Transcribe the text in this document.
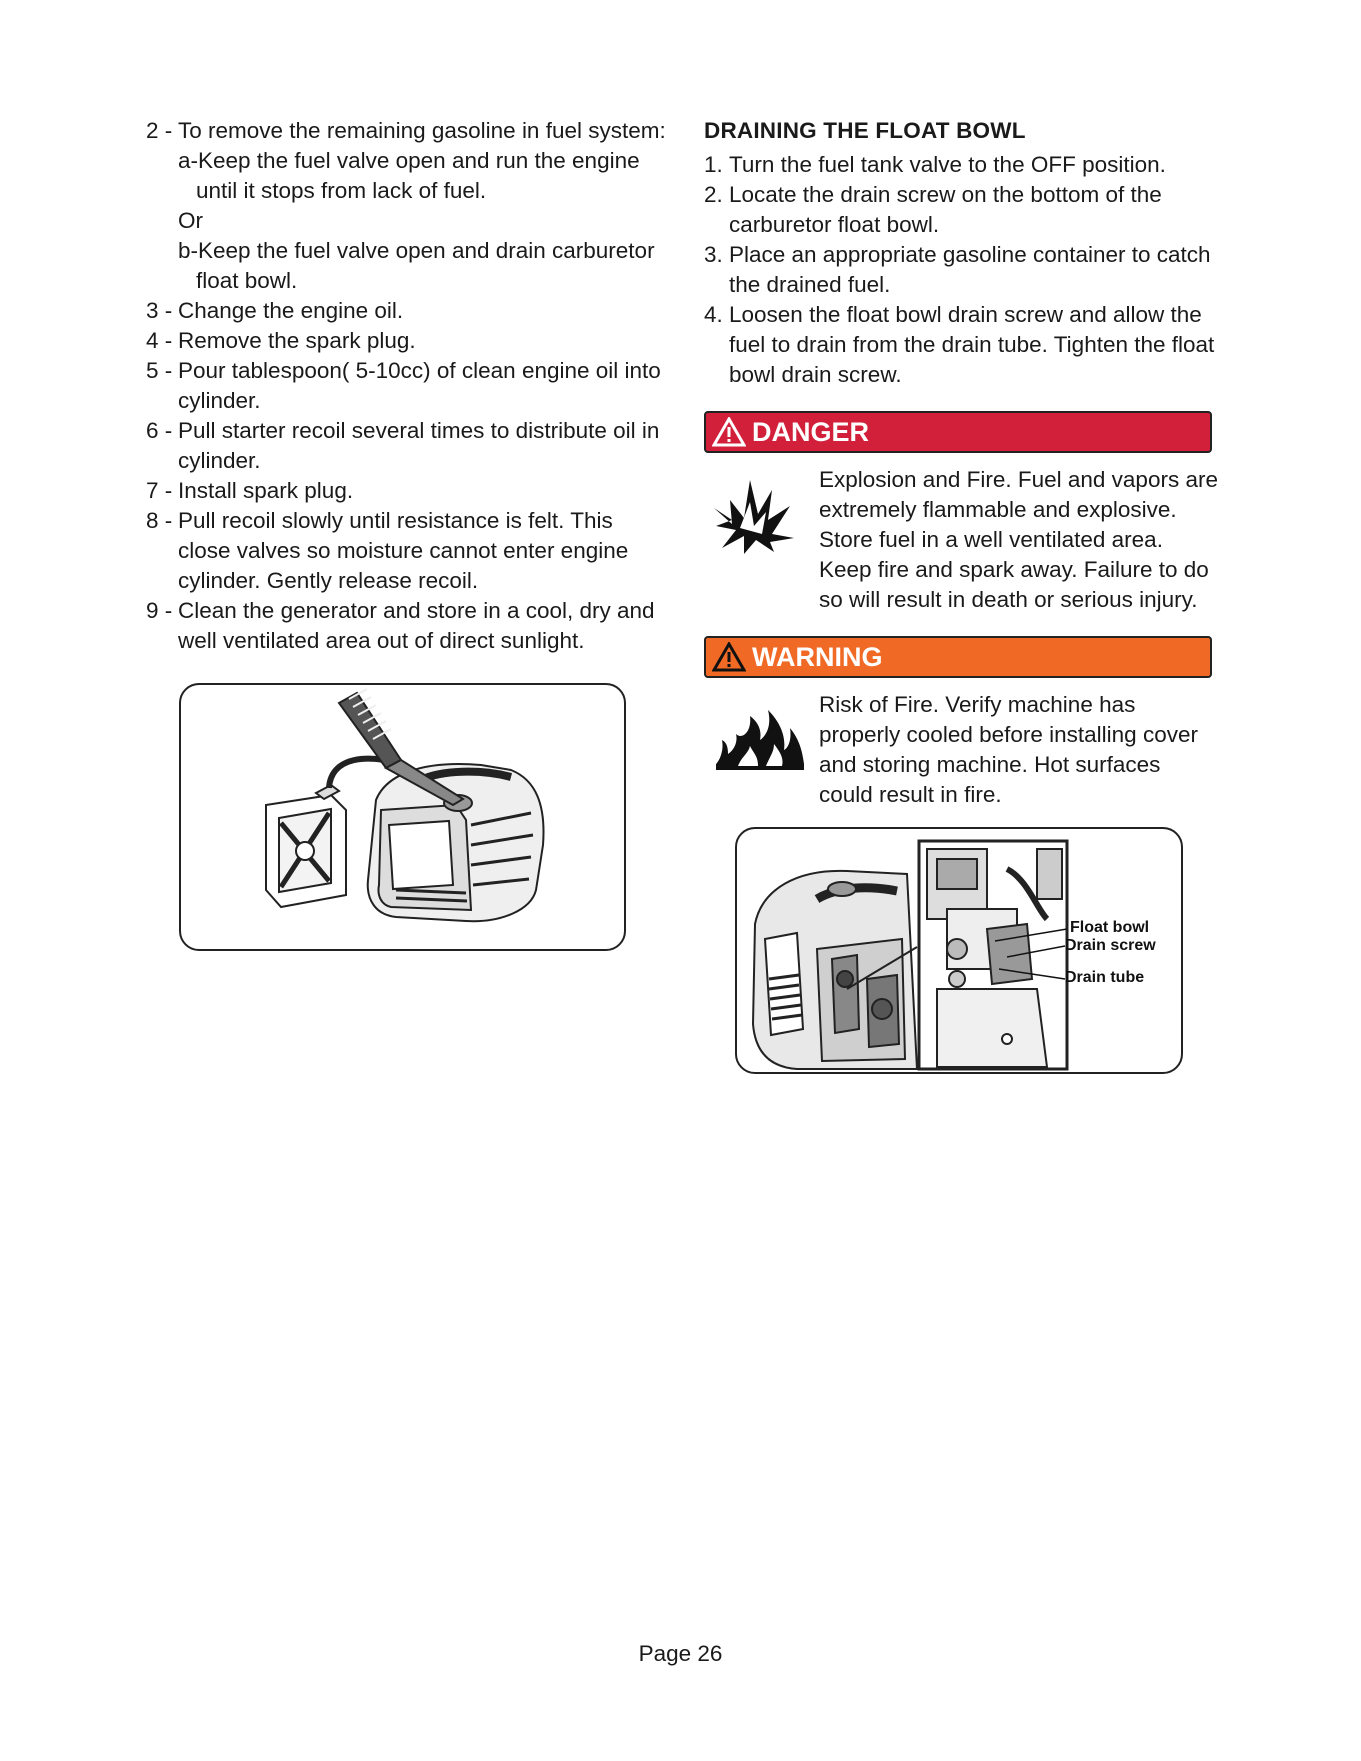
2 - To remove the remaining gasoline in fuel system:
a-Keep the fuel valve open and run the engine until it stops from lack of fuel.
Or
b-Keep the fuel valve open and drain carburetor float bowl.
3 - Change the engine oil.
4 - Remove the spark plug.
5 - Pour tablespoon( 5-10cc) of clean engine oil into cylinder.
6 - Pull starter recoil several times to distribute oil in cylinder.
7 - Install spark plug.
8 - Pull recoil slowly until resistance is felt. This close valves so moisture cannot enter engine cylinder. Gently release recoil.
9 - Clean the generator and store in a cool, dry and well ventilated area out of direct sunlight.
DRAINING THE FLOAT BOWL
1. Turn the fuel tank valve to the OFF position.
2. Locate the drain screw on the bottom of the carburetor float bowl.
3. Place an appropriate gasoline container to catch the drained fuel.
4. Loosen the float bowl drain screw and allow the fuel to drain from the drain tube. Tighten the float bowl drain screw.
DANGER

Explosion and Fire. Fuel and vapors are extremely flammable and explosive. Store fuel in a well ventilated area. Keep fire and spark away. Failure to do so will result in death or serious injury.

WARNING

Risk of Fire. Verify machine has properly cooled before installing cover and storing machine. Hot surfaces could result in fire.

Float bowl
Drain screw
Drain tube
Page 26
